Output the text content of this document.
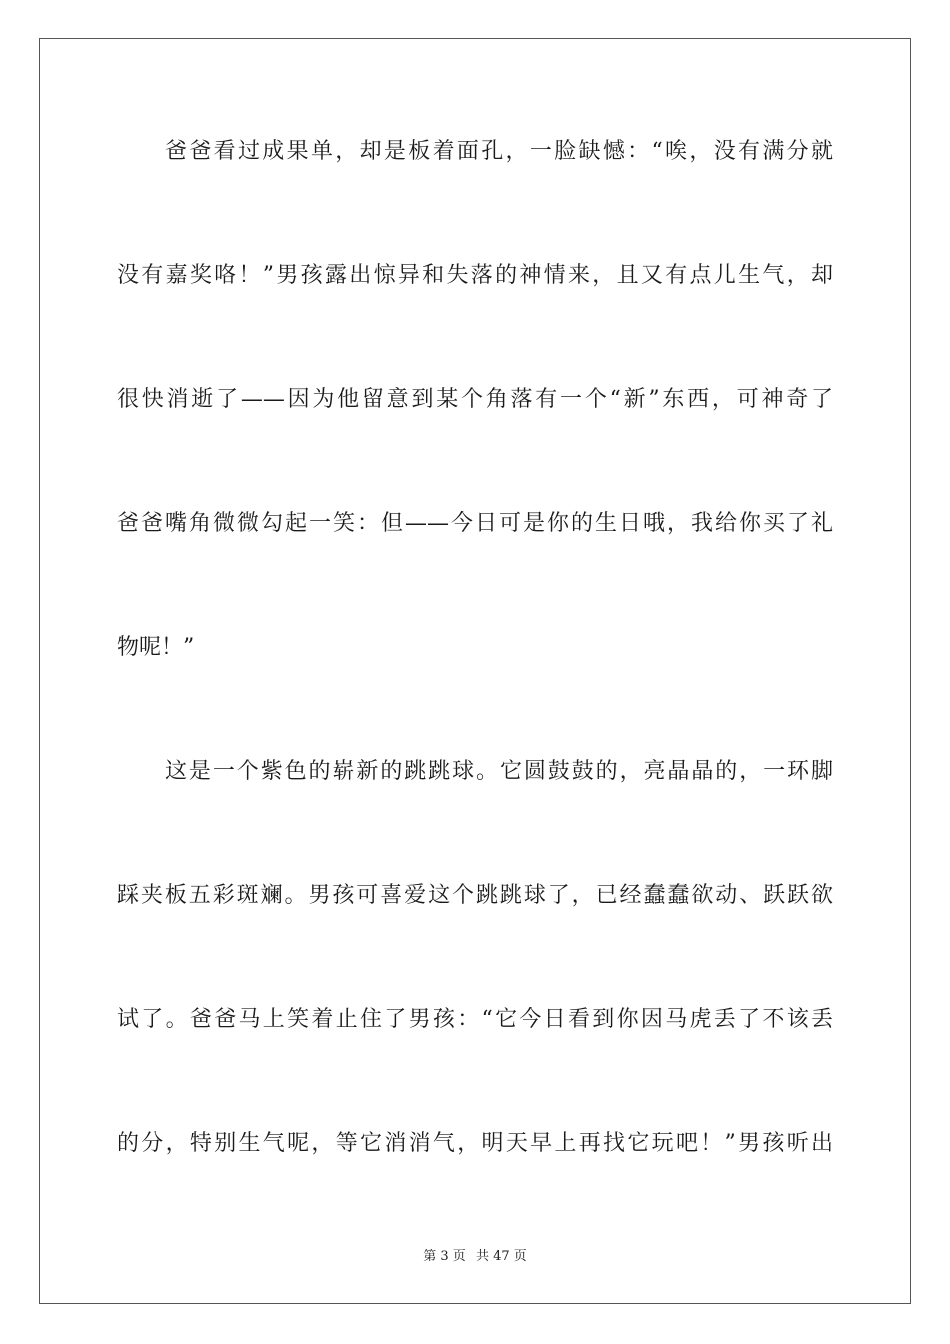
爸爸看过成果单，却是板着面孔，一脸缺憾：“唉，没有满分就
没有嘉奖咯！”男孩露出惊异和失落的神情来，且又有点儿生气，却
很快消逝了——因为他留意到某个角落有一个“新”东西，可神奇了
爸爸嘴角微微勾起一笑：但——今日可是你的生日哦，我给你买了礼
物呢！”
这是一个紫色的崭新的跳跳球。它圆鼓鼓的，亮晶晶的，一环脚
踩夹板五彩斑斓。男孩可喜爱这个跳跳球了，已经蠢蠢欲动、跃跃欲
试了。爸爸马上笑着止住了男孩：“它今日看到你因马虎丢了不该丢
的分，特别生气呢，等它消消气，明天早上再找它玩吧！”男孩听出
第 3 页 共 47 页
